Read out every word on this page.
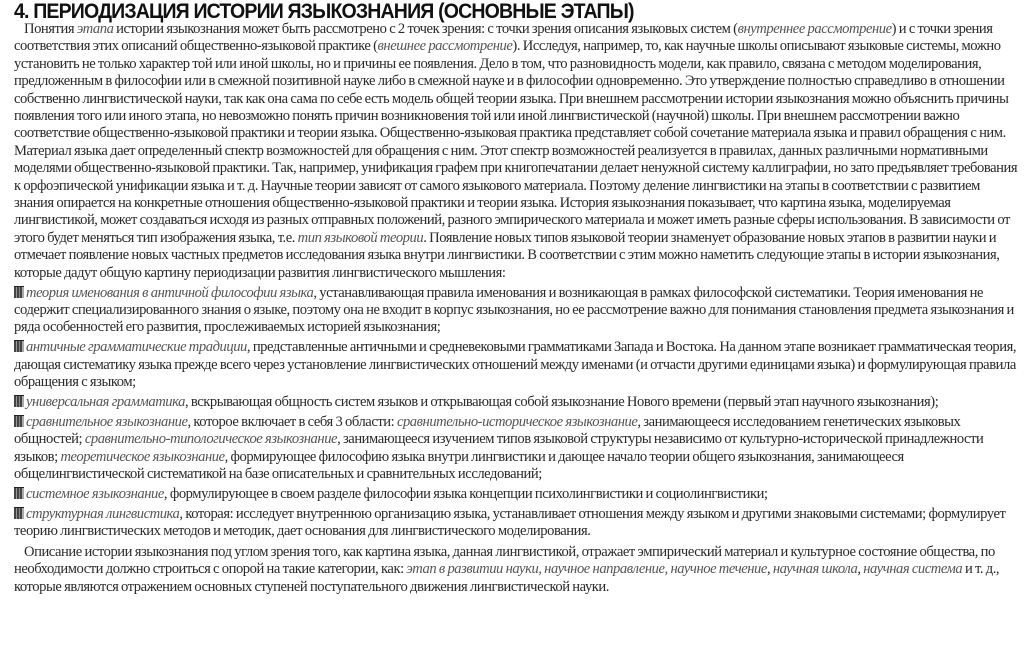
4. ПЕРИОДИЗАЦИЯ ИСТОРИИ ЯЗЫКОЗНАНИЯ (ОСНОВНЫЕ ЭТАПЫ)

Понятия этапа истории языкознания может быть рассмотрено с 2 точек зрения: с точки зрения описания языковых систем (внутреннее рассмотрение) и с точки зрения соответствия этих описаний общественно-языковой практике (внешнее рассмотрение). Исследуя, например, то, как научные школы описывают языковые системы, можно установить не только характер той или иной школы, но и причины ее появления. Дело в том, что разновидность модели, как правило, связана с методом моделирования, предложенным в философии или в смежной позитивной науке либо в смежной науке и в философии одновременно. Это утверждение полностью справедливо в отношении собственно лингвистической науки, так как она сама по себе есть модель общей теории языка. При внешнем рассмотрении истории языкознания можно объяснить причины появления того или иного этапа, но невозможно понять причин возникновения той или иной лингвистической (научной) школы. При внешнем рассмотрении важно соответствие общественно-языковой практики и теории языка. Общественно-языковая практика представляет собой сочетание материала языка и правил обращения с ним. Материал языка дает определенный спектр возможностей для обращения с ним. Этот спектр возможностей реализуется в правилах, данных различными нормативными моделями общественно-языковой практики. Так, например, унификация графем при книгопечатании делает ненужной систему каллиграфии, но зато предъявляет требования к орфоэпической унификации языка и т. д. Научные теории зависят от самого языкового материала. Поэтому деление лингвистики на этапы в соответствии с развитием знания опирается на конкретные отношения общественно-языковой практики и теории языка. История языкознания показывает, что картина языка, моделируемая лингвистикой, может создаваться исходя из разных отправных положений, разного эмпирического материала и может иметь разные сферы использования. В зависимости от этого будет меняться тип изображения языка, т.е. тип языковой теории. Появление новых типов языковой теории знаменует образование новых этапов в развитии науки и отмечает появление новых частных предметов исследования языка внутри лингвистики. В соответствии с этим можно наметить следующие этапы в истории языкознания, которые дадут общую картину периодизации развития лингвистического мышления:

теория именования в античной философии языка, устанавливающая правила именования и возникающая в рамках философской систематики. Теория именования не содержит специализированного знания о языке, поэтому она не входит в корпус языкознания, но ее рассмотрение важно для понимания становления предмета языкознания и ряда особенностей его развития, прослеживаемых историей языкознания;

античные грамматические традиции, представленные античными и средневековыми грамматиками Запада и Востока. На данном этапе возникает грамматическая теория, дающая систематику языка прежде всего через установление лингвистических отношений между именами (и отчасти другими единицами языка) и формулирующая правила обращения с языком;

универсальная грамматика, вскрывающая общность систем языков и открывающая собой языкознание Нового времени (первый этап научного языкознания);

сравнительное языкознание, которое включает в себя 3 области: сравнительно-историческое языкознание, занимающееся исследованием генетических языковых общностей; сравнительно-типологическое языкознание, занимающееся изучением типов языковой структуры независимо от культурно-исторической принадлежности языков; теоретическое языкознание, формирующее философию языка внутри лингвистики и дающее начало теории общего языкознания, занимающееся общелингвистической систематикой на базе описательных и сравнительных исследований;

системное языкознание, формулирующее в своем разделе философии языка концепции психолингвистики и социолингвистики;

структурная лингвистика, которая: исследует внутреннюю организацию языка, устанавливает отношения между языком и другими знаковыми системами; формулирует теорию лингвистических методов и методик, дает основания для лингвистического моделирования.

Описание истории языкознания под углом зрения того, как картина языка, данная лингвистикой, отражает эмпирический материал и культурное состояние общества, по необходимости должно строиться с опорой на такие категории, как: этап в развитии науки, научное направление, научное течение, научная школа, научная система и т. д., которые являются отражением основных ступеней поступательного движения лингвистической науки.
